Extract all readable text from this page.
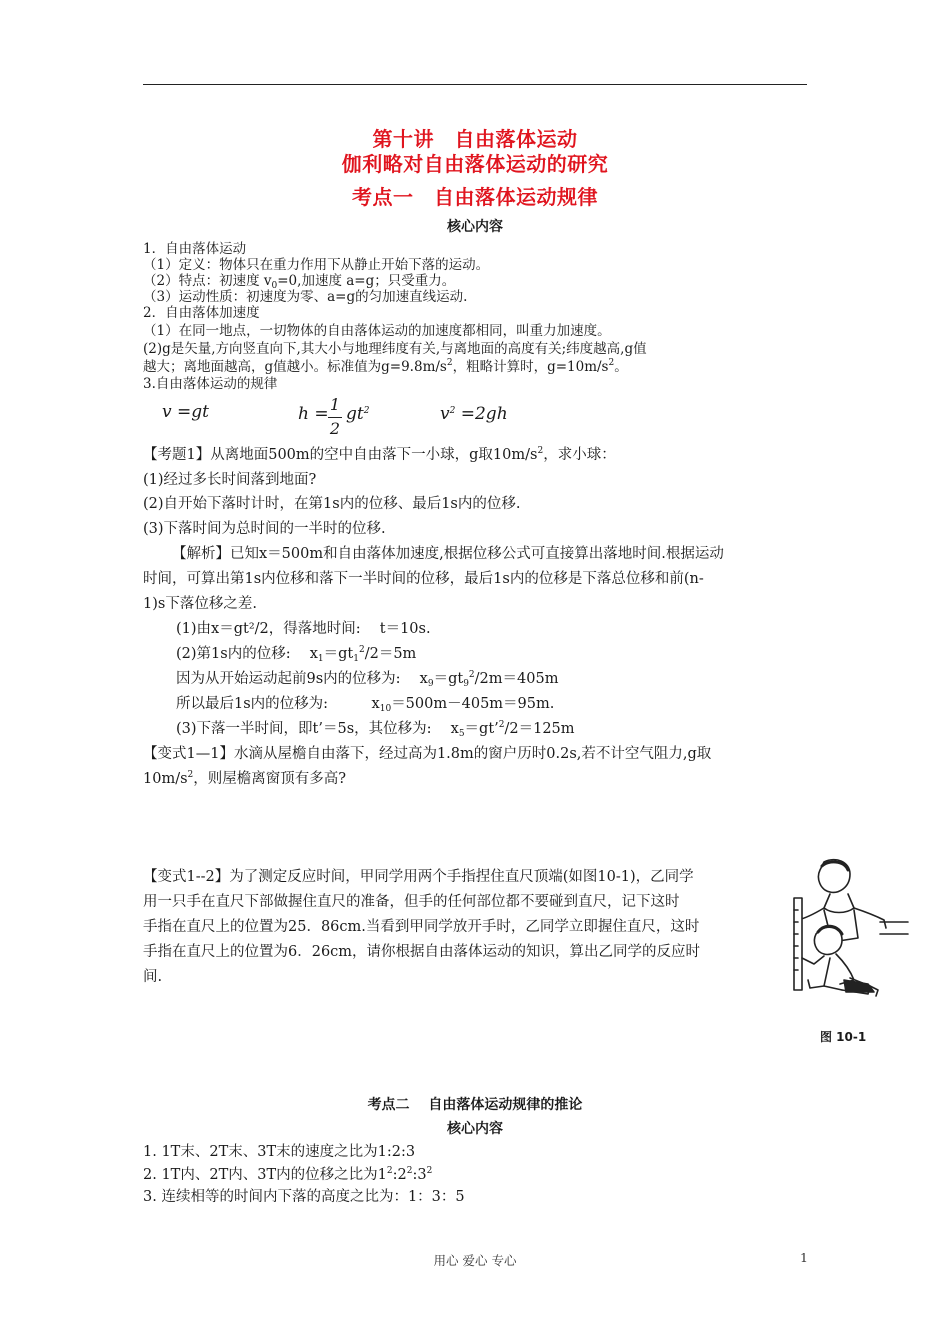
第十讲　自由落体运动
伽利略对自由落体运动的研究
考点一　自由落体运动规律
核心内容
1．自由落体运动
（1）定义：物体只在重力作用下从静止开始下落的运动。
（2）特点：初速度 $v_0=0$,加速度 a=g；只受重力。
（3）运动性质：初速度为零、a=g的匀加速直线运动.
2．自由落体加速度
（1）在同一地点，一切物体的自由落体运动的加速度都相同，叫重力加速度。
(2)g是矢量,方向竖直向下,其大小与地理纬度有关,与离地面的高度有关;纬度越高,g值
越大；离地面越高，g值越小。标准值为$g=9.8m/s^2$，粗略计算时，$g=10m/s^2$。
3.自由落体运动的规律
v =gt	h = 1
2
$gt^2$	$v^2 =2gh$
【考题1】从离地面500m的空中自由落下一小球，g取$10m/s^2$，求小球：
(1)经过多长时间落到地面?
(2)自开始下落时计时，在第1s内的位移、最后1s内的位移.
(3)下落时间为总时间的一半时的位移.
【解析】已知x＝500m和自由落体加速度,根据位移公式可直接算出落地时间.根据运动
时间，可算出第1s内位移和落下一半时间的位移，最后1s内的位移是下落总位移和前(n-
1)s下落位移之差.
(1)由x＝gt²/2，得落地时间:　 t＝10s.
(2)第1s内的位移:　 $x_1=gt_1^2/2=5m$
因为从开始运动起前9s内的位移为:　 $x_9=gt_9^2/2m=405m$
所以最后1s内的位移为:　　　$x_{10}=500m-405m=95m$.
(3)下落一半时间，即t’＝5s，其位移为:　 $x_5=gt’^2/2=125m$
【变式1—1】水滴从屋檐自由落下，经过高为1.8m的窗户历时0.2s,若不计空气阻力,g取
$10m/s^2$，则屋檐离窗顶有多高?
【变式1--2】为了测定反应时间，甲同学用两个手指捏住直尺顶端(如图10-1)，乙同学
用一只手在直尺下部做握住直尺的准备，但手的任何部位都不要碰到直尺，记下这时
手指在直尺上的位置为25．86cm.当看到甲同学放开手时，乙同学立即握住直尺，这时
手指在直尺上的位置为6．26cm，请你根据自由落体运动的知识，算出乙同学的反应时
间.
图 10-1
考点二　 自由落体运动规律的推论
核心内容
1. 1T末、2T末、3T末的速度之比为1:2:3
2. 1T内、2T内、3T内的位移之比为$1^2:2^2:3^2$
3. 连续相等的时间内下落的高度之比为：1：3：5
用心 爱心 专心	1
